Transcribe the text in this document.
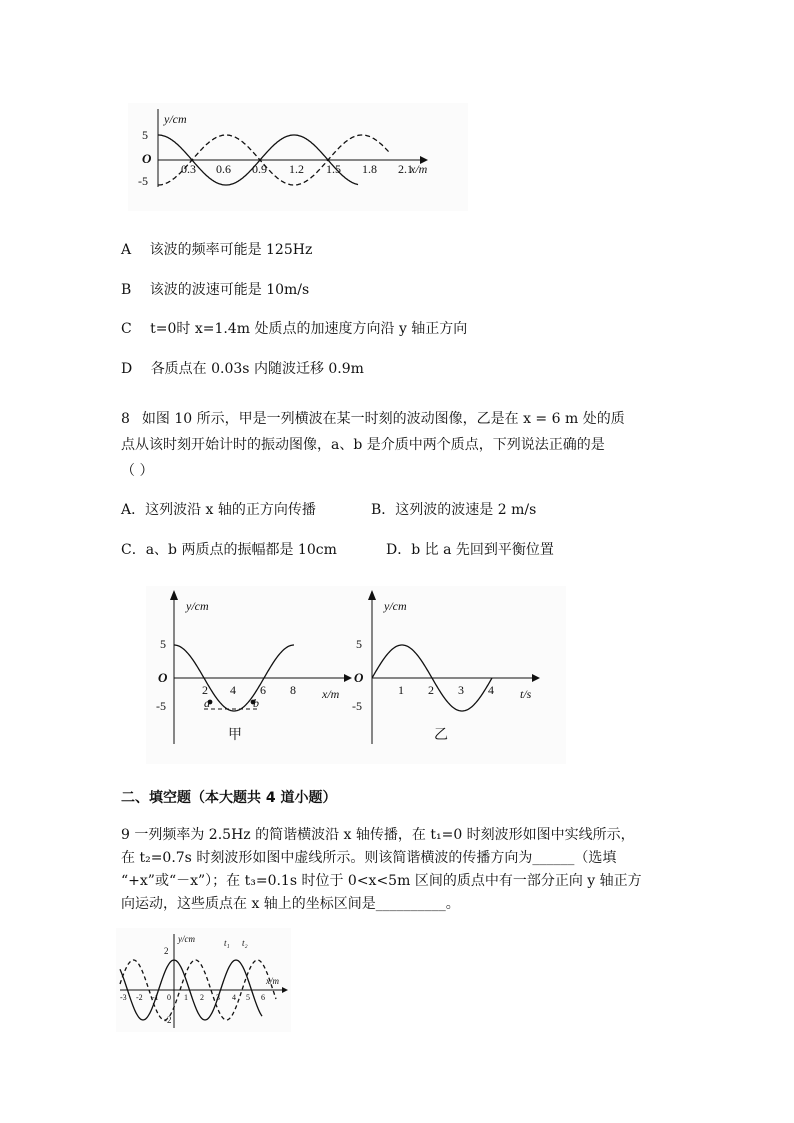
y/cm
5
-5
O
0.3 0.6 0.9 1.2 1.5 1.8 2.1
x/m
A 该波的频率可能是 125Hz
B 该波的波速可能是 10m/s
C t=0时 x=1.4m 处质点的加速度方向沿 y 轴正方向
D 各质点在 0.03s 内随波迁移 0.9m
8 如图 10 所示，甲是一列横波在某一时刻的波动图像，乙是在 x = 6 m 处的质
点从该时刻开始计时的振动图像，a、b 是介质中两个质点，下列说法正确的是
（ ）
A．这列波沿 x 轴的正方向传播	B．这列波的波速是 2 m/s
C．a、b 两质点的振幅都是 10cm	D．b 比 a 先回到平衡位置
y/cm
5
-5
O
2 4 6 8 x/m
a	b
甲
y/cm
5
-5
O
1 2 3 4 t/s
乙
二、填空题（本大题共 4 道小题）
9 一列频率为 2.5Hz 的简谐横波沿 x 轴传播，在 t₁=0 时刻波形如图中实线所示，
在 t₂=0.7s 时刻波形如图中虚线所示。则该简谐横波的传播方向为______（选填
“+x”或“－x”）；在 t₃=0.1s 时位于 0<x<5m 区间的质点中有一部分正向 y 轴正方
向运动，这些质点在 x 轴上的坐标区间是__________。
y/cm
2
-2
t₁ t₂
x/m
-3 -2 -1 0 1 2 3 4 5 6
